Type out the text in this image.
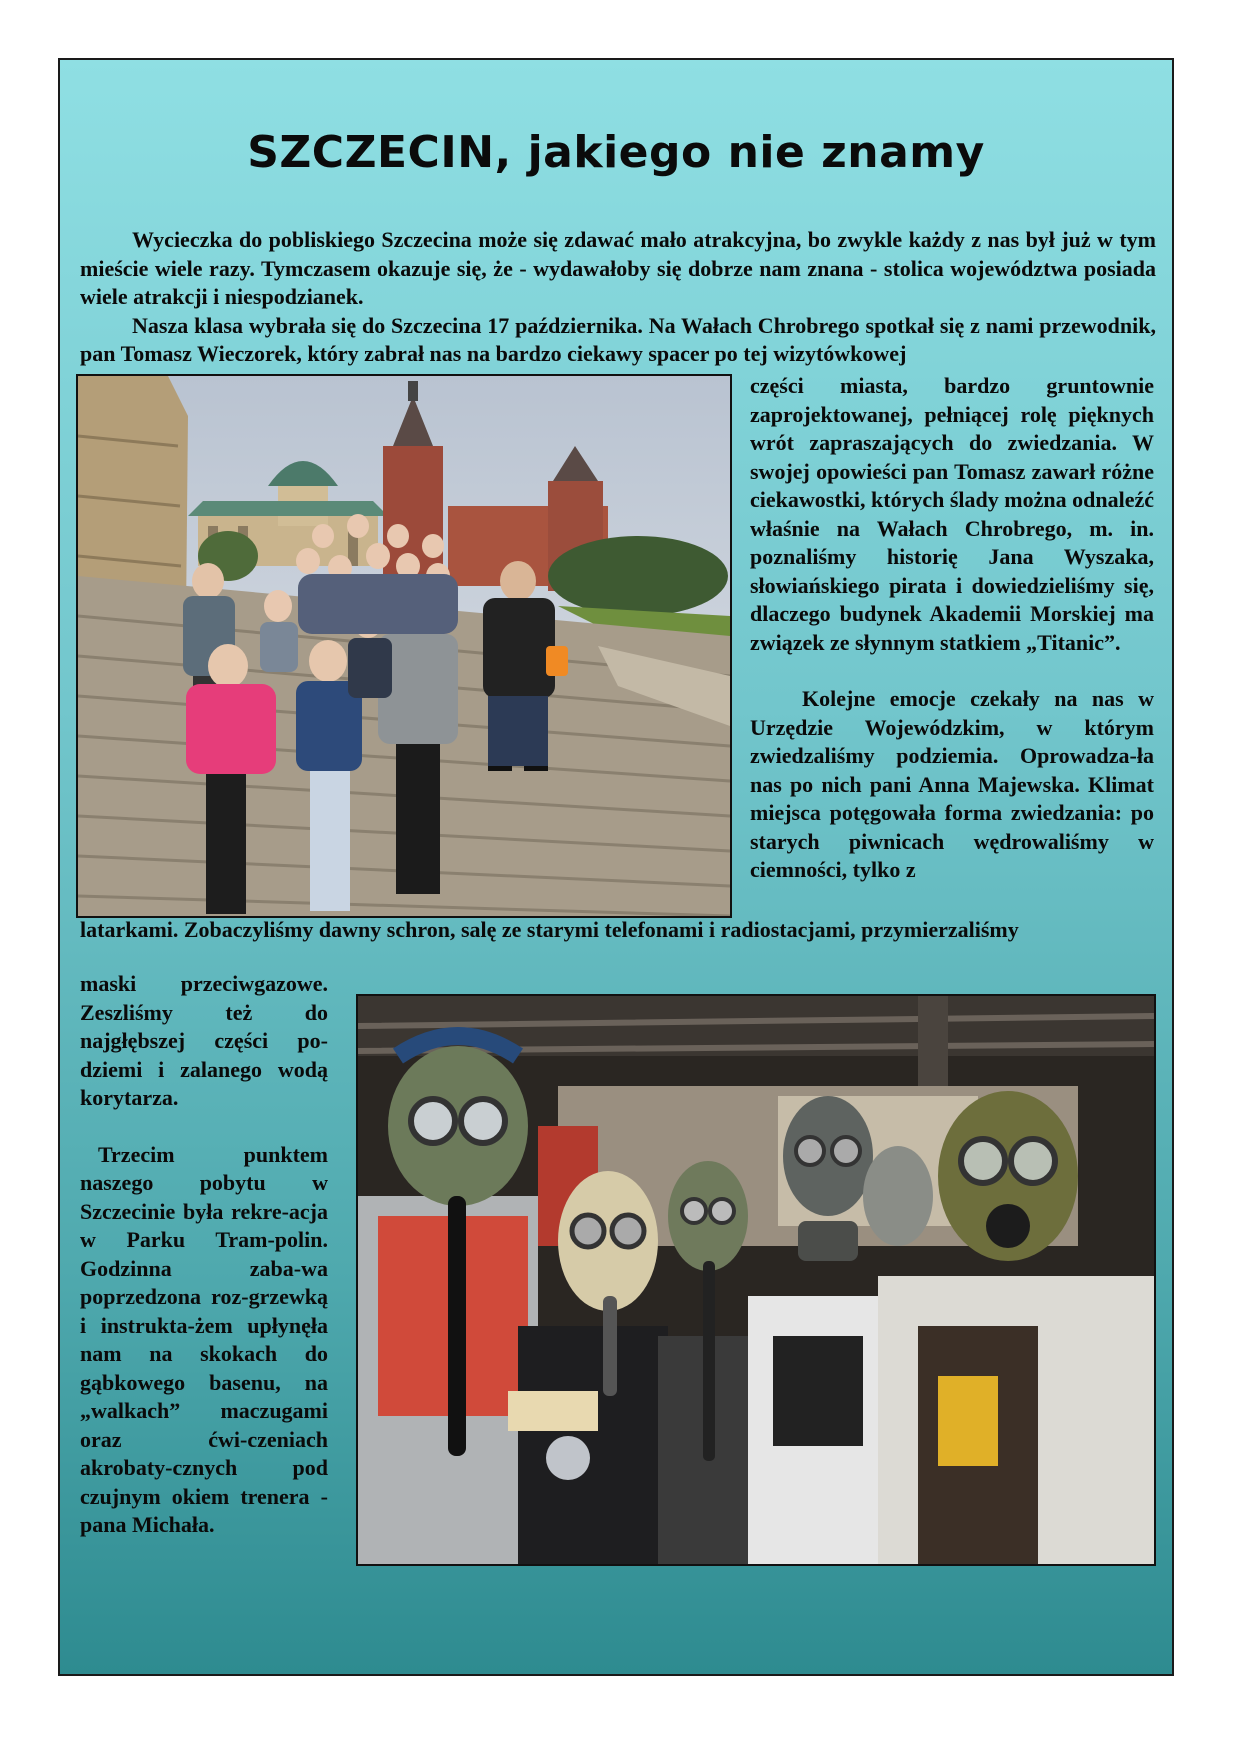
SZCZECIN, jakiego nie znamy

Wycieczka do pobliskiego Szczecina może się zdawać mało atrakcyjna, bo zwykle każdy z nas był już w tym mieście wiele razy. Tymczasem okazuje się, że - wydawałoby się dobrze nam znana - stolica województwa posiada wiele atrakcji i niespodzianek.

Nasza klasa wybrała się do Szczecina 17 października. Na Wałach Chrobrego spotkał się z nami przewodnik, pan Tomasz Wieczorek, który zabrał nas na bardzo ciekawy spacer po tej wizytówkowej

części miasta, bardzo gruntownie zaprojektowanej, pełniącej rolę pięknych wrót zapraszających do zwiedzania. W swojej opowieści pan Tomasz zawarł różne ciekawostki, których ślady można odnaleźć właśnie na Wałach Chrobrego, m. in. poznaliśmy historię Jana Wyszaka, słowiańskiego pirata i dowiedzieliśmy się, dlaczego budynek Akademii Morskiej ma związek ze słynnym statkiem „Titanic”.

Kolejne emocje czekały na nas w Urzędzie Wojewódzkim, w którym zwiedzaliśmy podziemia. Oprowadza-ła nas po nich pani Anna Majewska. Klimat miejsca potęgowała forma zwiedzania: po starych piwnicach wędrowaliśmy w ciemności, tylko z

latarkami. Zobaczyliśmy dawny schron, salę ze starymi telefonami i radiostacjami, przymierzaliśmy

maski przeciwgazowe. Zeszliśmy też do najgłębszej części po-dziemi i zalanego wodą korytarza.

Trzecim punktem naszego pobytu w Szczecinie była rekre-acja w Parku Tram-polin. Godzinna zaba-wa poprzedzona roz-grzewką i instrukta-żem upłynęła nam na skokach do gąbkowego basenu, na „walkach” maczugami oraz ćwi-czeniach akrobaty-cznych pod czujnym okiem trenera - pana Michała.
